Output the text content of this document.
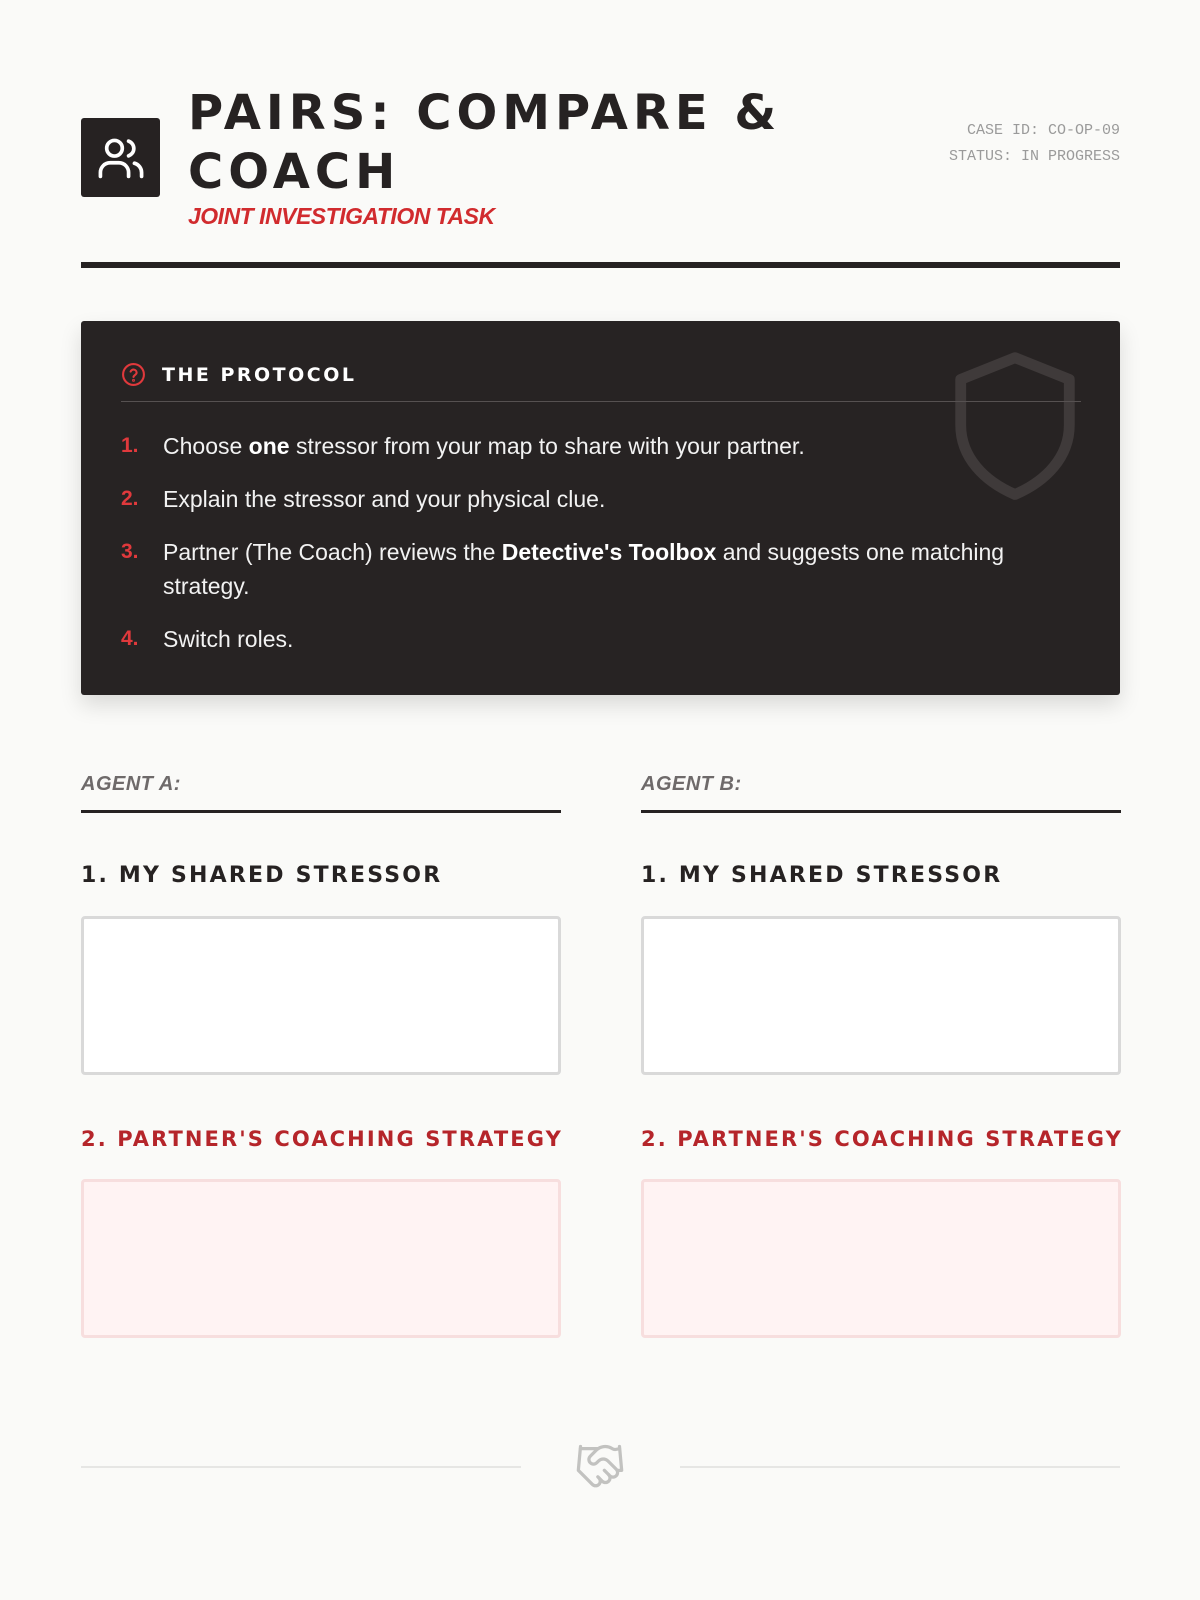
PAIRS: COMPARE & COACH
JOINT INVESTIGATION TASK
CASE ID: CO-OP-09
STATUS: IN PROGRESS
THE PROTOCOL
1. Choose one stressor from your map to share with your partner.
2. Explain the stressor and your physical clue.
3. Partner (The Coach) reviews the Detective's Toolbox and suggests one matching strategy.
4. Switch roles.
AGENT A:
1. MY SHARED STRESSOR
2. PARTNER'S COACHING STRATEGY
AGENT B:
1. MY SHARED STRESSOR
2. PARTNER'S COACHING STRATEGY
